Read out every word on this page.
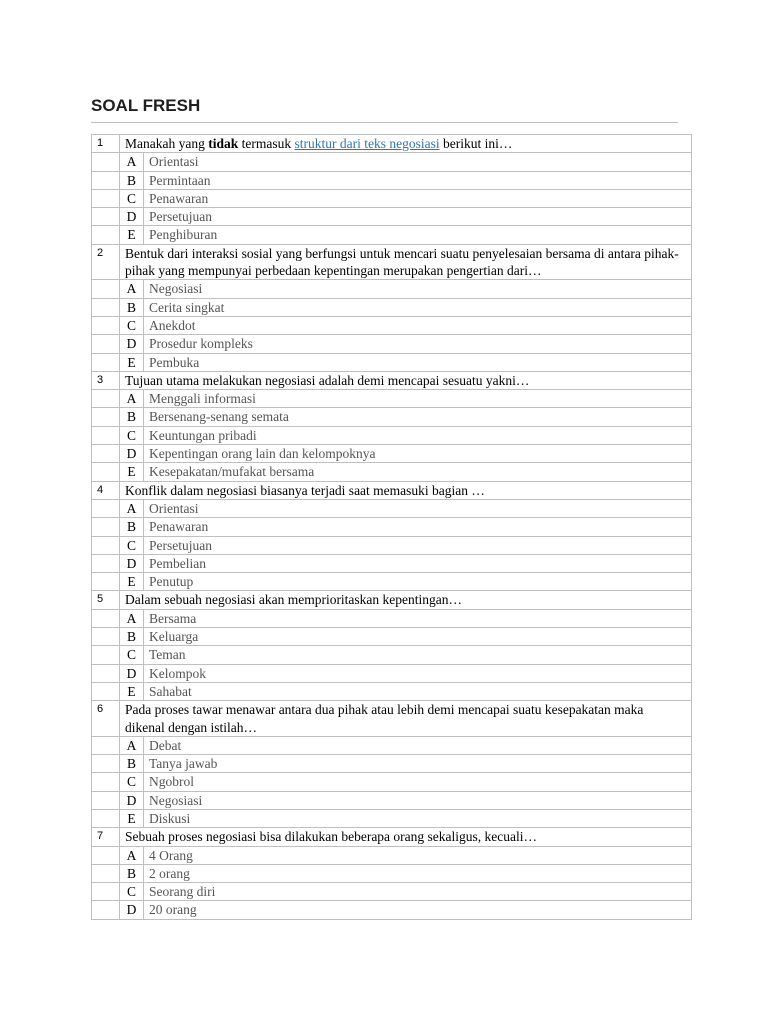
SOAL FRESH
1	Manakah yang tidak termasuk struktur dari teks negosiasi berikut ini…	
	A	Orientasi
	B	Permintaan
	C	Penawaran
	D	Persetujuan
	E	Penghiburan
2	Bentuk dari interaksi sosial yang berfungsi untuk mencari suatu penyelesaian bersama di antara pihak-pihak yang mempunyai perbedaan kepentingan merupakan pengertian dari…	
	A	Negosiasi
	B	Cerita singkat
	C	Anekdot
	D	Prosedur kompleks
	E	Pembuka
3	Tujuan utama melakukan negosiasi adalah demi mencapai sesuatu yakni…	
	A	Menggali informasi
	B	Bersenang-senang semata
	C	Keuntungan pribadi
	D	Kepentingan orang lain dan kelompoknya
	E	Kesepakatan/mufakat bersama
4	Konflik dalam negosiasi biasanya terjadi saat memasuki bagian …	
	A	Orientasi
	B	Penawaran
	C	Persetujuan
	D	Pembelian
	E	Penutup
5	Dalam sebuah negosiasi akan memprioritaskan kepentingan…	
	A	Bersama
	B	Keluarga
	C	Teman
	D	Kelompok
	E	Sahabat
6	Pada proses tawar menawar antara dua pihak atau lebih demi mencapai suatu kesepakatan maka dikenal dengan istilah…	
	A	Debat
	B	Tanya jawab
	C	Ngobrol
	D	Negosiasi
	E	Diskusi
7	Sebuah proses negosiasi bisa dilakukan beberapa orang sekaligus, kecuali…	
	A	4 Orang
	B	2 orang
	C	Seorang diri
	D	20 orang
